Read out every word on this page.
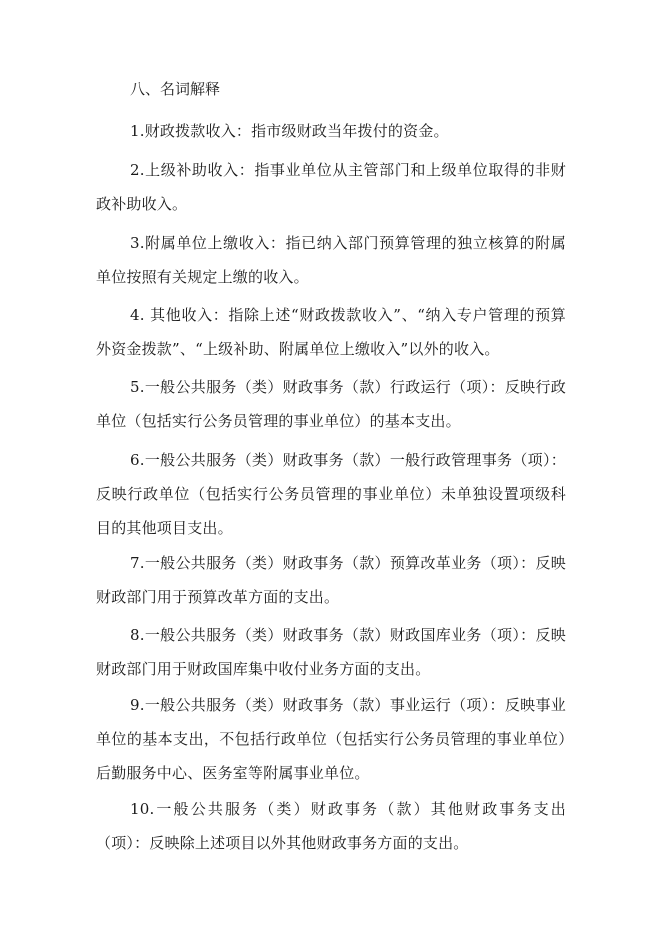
八、名词解释
1.财政拨款收入：指市级财政当年拨付的资金。
2.上级补助收入：指事业单位从主管部门和上级单位取得的非财政补助收入。
3.附属单位上缴收入：指已纳入部门预算管理的独立核算的附属单位按照有关规定上缴的收入。
4. 其他收入：指除上述“财政拨款收入”、“纳入专户管理的预算外资金拨款”、“上级补助、附属单位上缴收入”以外的收入。
5.一般公共服务（类）财政事务（款）行政运行（项）：反映行政单位（包括实行公务员管理的事业单位）的基本支出。
6.一般公共服务（类）财政事务（款）一般行政管理事务（项）：反映行政单位（包括实行公务员管理的事业单位）未单独设置项级科目的其他项目支出。
7.一般公共服务（类）财政事务（款）预算改革业务（项）：反映财政部门用于预算改革方面的支出。
8.一般公共服务（类）财政事务（款）财政国库业务（项）：反映财政部门用于财政国库集中收付业务方面的支出。
9.一般公共服务（类）财政事务（款）事业运行（项）：反映事业单位的基本支出，不包括行政单位（包括实行公务员管理的事业单位）后勤服务中心、医务室等附属事业单位。
10.一般公共服务（类）财政事务（款）其他财政事务支出（项）：反映除上述项目以外其他财政事务方面的支出。
